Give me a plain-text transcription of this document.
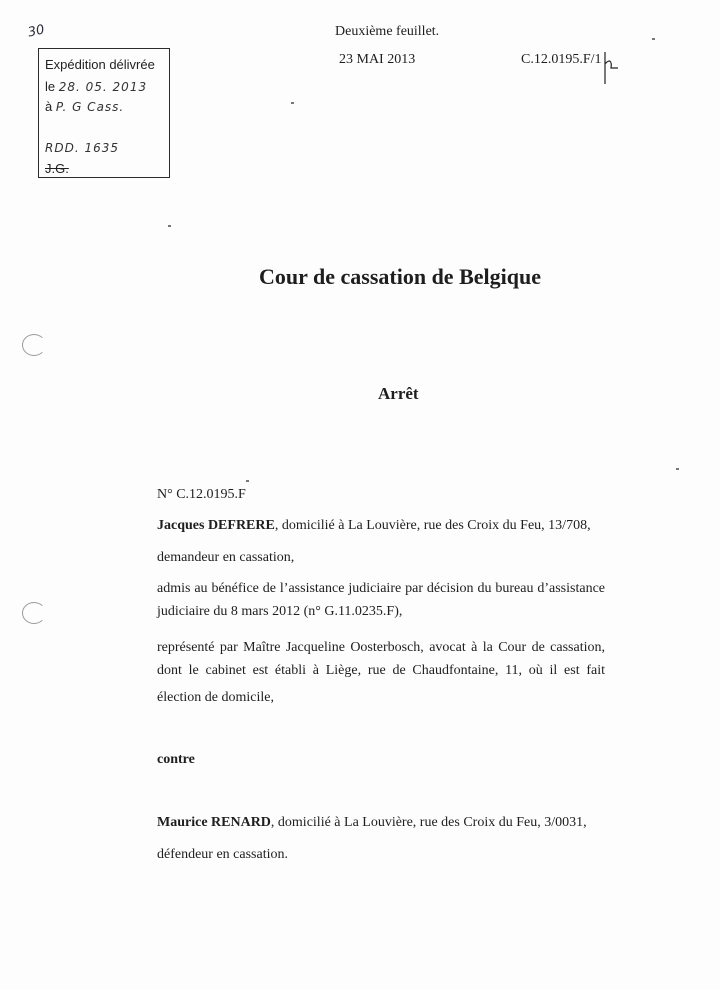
30
Expédition délivrée
le 28. 05. 2013
à P. G Cass.
RDD. 1635
J.G.
Deuxième feuillet.
23 MAI 2013	C.12.0195.F/1
Cour de cassation de Belgique
Arrêt
N° C.12.0195.F
Jacques DEFRERE, domicilié à La Louvière, rue des Croix du Feu, 13/708,
demandeur en cassation,
admis au bénéfice de l’assistance judiciaire par décision du bureau d’assistance
judiciaire du 8 mars 2012 (n° G.11.0235.F),
représenté par Maître Jacqueline Oosterbosch, avocat à la Cour de cassation,
dont le cabinet est établi à Liège, rue de Chaudfontaine, 11, où il est fait
élection de domicile,
contre
Maurice RENARD, domicilié à La Louvière, rue des Croix du Feu, 3/0031,
défendeur en cassation.
